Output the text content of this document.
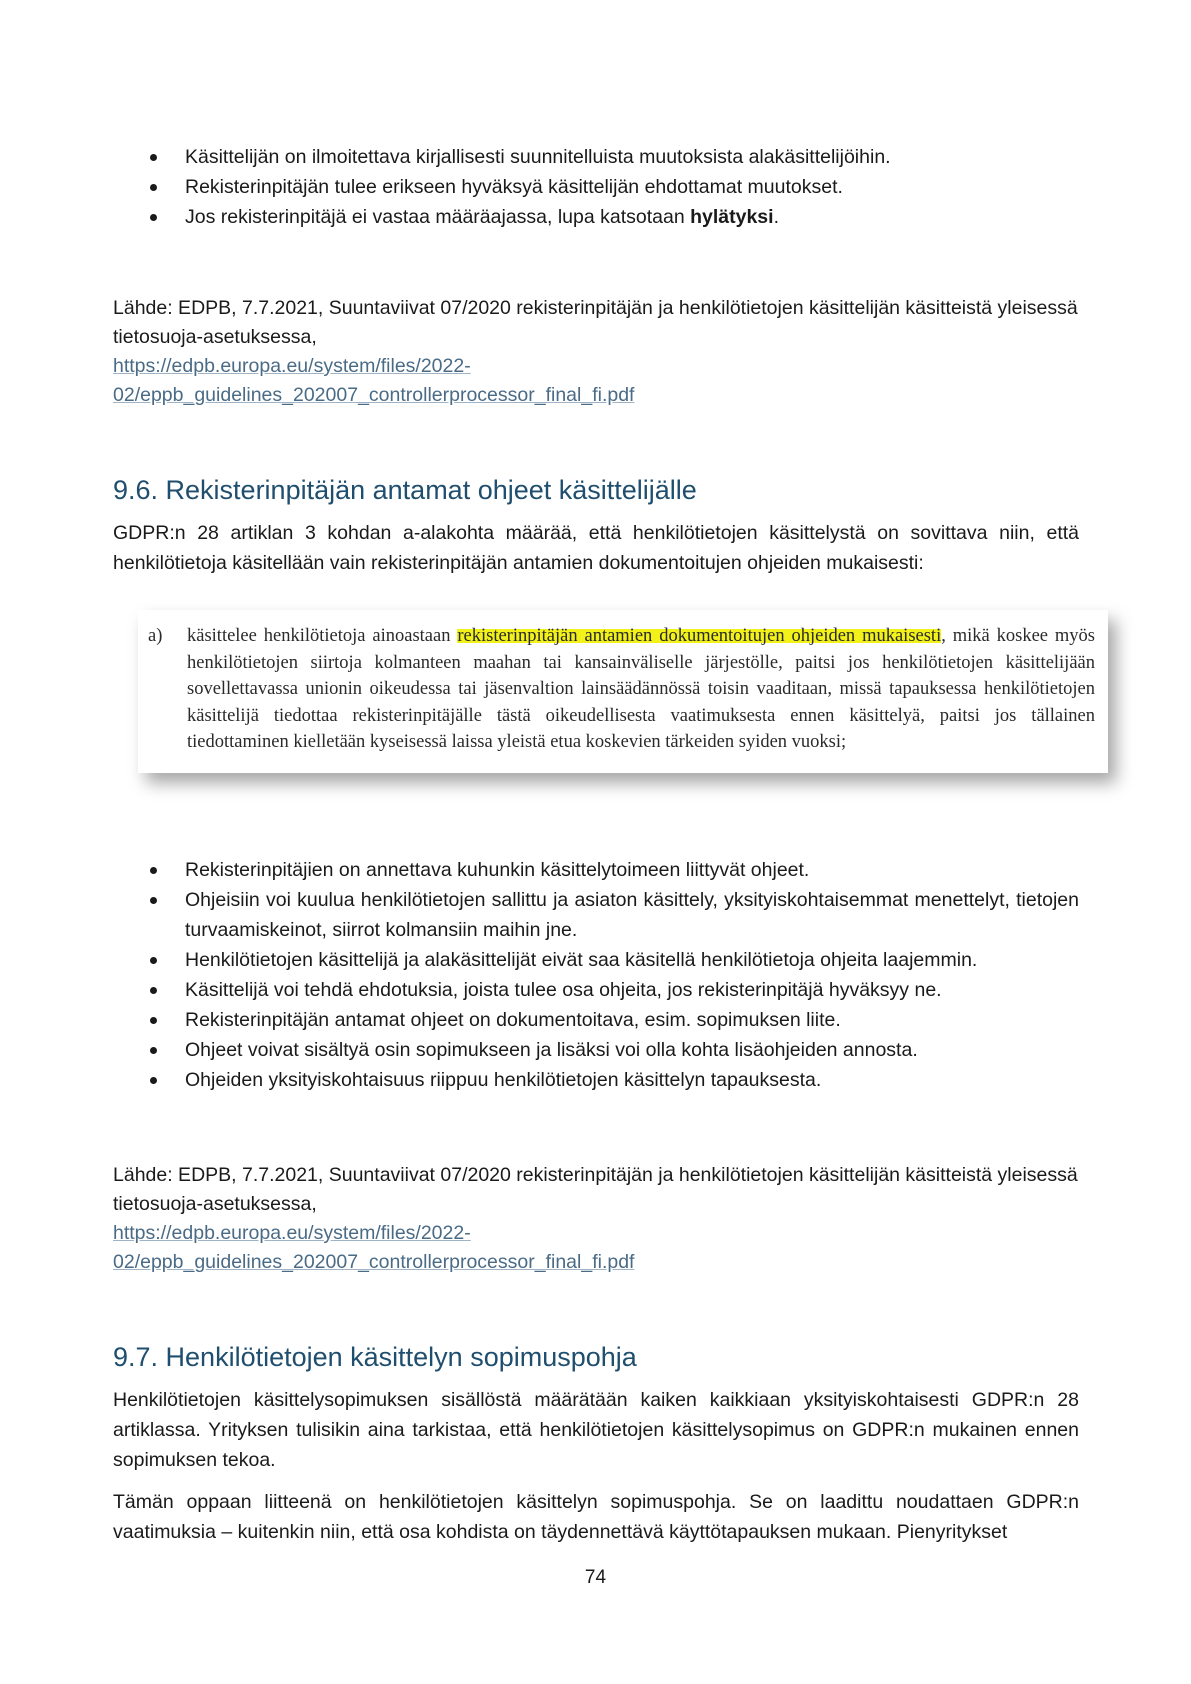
Käsittelijän on ilmoitettava kirjallisesti suunnitelluista muutoksista alakäsittelijöihin.
Rekisterinpitäjän tulee erikseen hyväksyä käsittelijän ehdottamat muutokset.
Jos rekisterinpitäjä ei vastaa määräajassa, lupa katsotaan hylätyksi.
Lähde: EDPB, 7.7.2021, Suuntaviivat 07/2020 rekisterinpitäjän ja henkilötietojen käsittelijän käsitteistä yleisessä tietosuoja-asetuksessa,
https://edpb.europa.eu/system/files/2022-
02/eppb_guidelines_202007_controllerprocessor_final_fi.pdf
9.6. Rekisterinpitäjän antamat ohjeet käsittelijälle

GDPR:n 28 artiklan 3 kohdan a-alakohta määrää, että henkilötietojen käsittelystä on sovittava niin, että henkilötietoja käsitellään vain rekisterinpitäjän antamien dokumentoitujen ohjeiden mukaisesti:

a) käsittelee henkilötietoja ainoastaan rekisterinpitäjän antamien dokumentoitujen ohjeiden mukaisesti, mikä koskee myös henkilötietojen siirtoja kolmanteen maahan tai kansainväliselle järjestölle, paitsi jos henkilötietojen käsittelijään sovellettavassa unionin oikeudessa tai jäsenvaltion lainsäädännössä toisin vaaditaan, missä tapauksessa henkilötietojen käsittelijä tiedottaa rekisterinpitäjälle tästä oikeudellisesta vaatimuksesta ennen käsittelyä, paitsi jos tällainen tiedottaminen kielletään kyseisessä laissa yleistä etua koskevien tärkeiden syiden vuoksi;
Rekisterinpitäjien on annettava kuhunkin käsittelytoimeen liittyvät ohjeet.
Ohjeisiin voi kuulua henkilötietojen sallittu ja asiaton käsittely, yksityiskohtaisemmat menettelyt, tietojen turvaamiskeinot, siirrot kolmansiin maihin jne.
Henkilötietojen käsittelijä ja alakäsittelijät eivät saa käsitellä henkilötietoja ohjeita laajemmin.
Käsittelijä voi tehdä ehdotuksia, joista tulee osa ohjeita, jos rekisterinpitäjä hyväksyy ne.
Rekisterinpitäjän antamat ohjeet on dokumentoitava, esim. sopimuksen liite.
Ohjeet voivat sisältyä osin sopimukseen ja lisäksi voi olla kohta lisäohjeiden annosta.
Ohjeiden yksityiskohtaisuus riippuu henkilötietojen käsittelyn tapauksesta.
Lähde: EDPB, 7.7.2021, Suuntaviivat 07/2020 rekisterinpitäjän ja henkilötietojen käsittelijän käsitteistä yleisessä tietosuoja-asetuksessa,
https://edpb.europa.eu/system/files/2022-
02/eppb_guidelines_202007_controllerprocessor_final_fi.pdf
9.7. Henkilötietojen käsittelyn sopimuspohja

Henkilötietojen käsittelysopimuksen sisällöstä määrätään kaiken kaikkiaan yksityiskohtaisesti GDPR:n 28 artiklassa. Yrityksen tulisikin aina tarkistaa, että henkilötietojen käsittelysopimus on GDPR:n mukainen ennen sopimuksen tekoa.

Tämän oppaan liitteenä on henkilötietojen käsittelyn sopimuspohja. Se on laadittu noudattaen GDPR:n vaatimuksia – kuitenkin niin, että osa kohdista on täydennettävä käyttötapauksen mukaan. Pienyritykset

74
